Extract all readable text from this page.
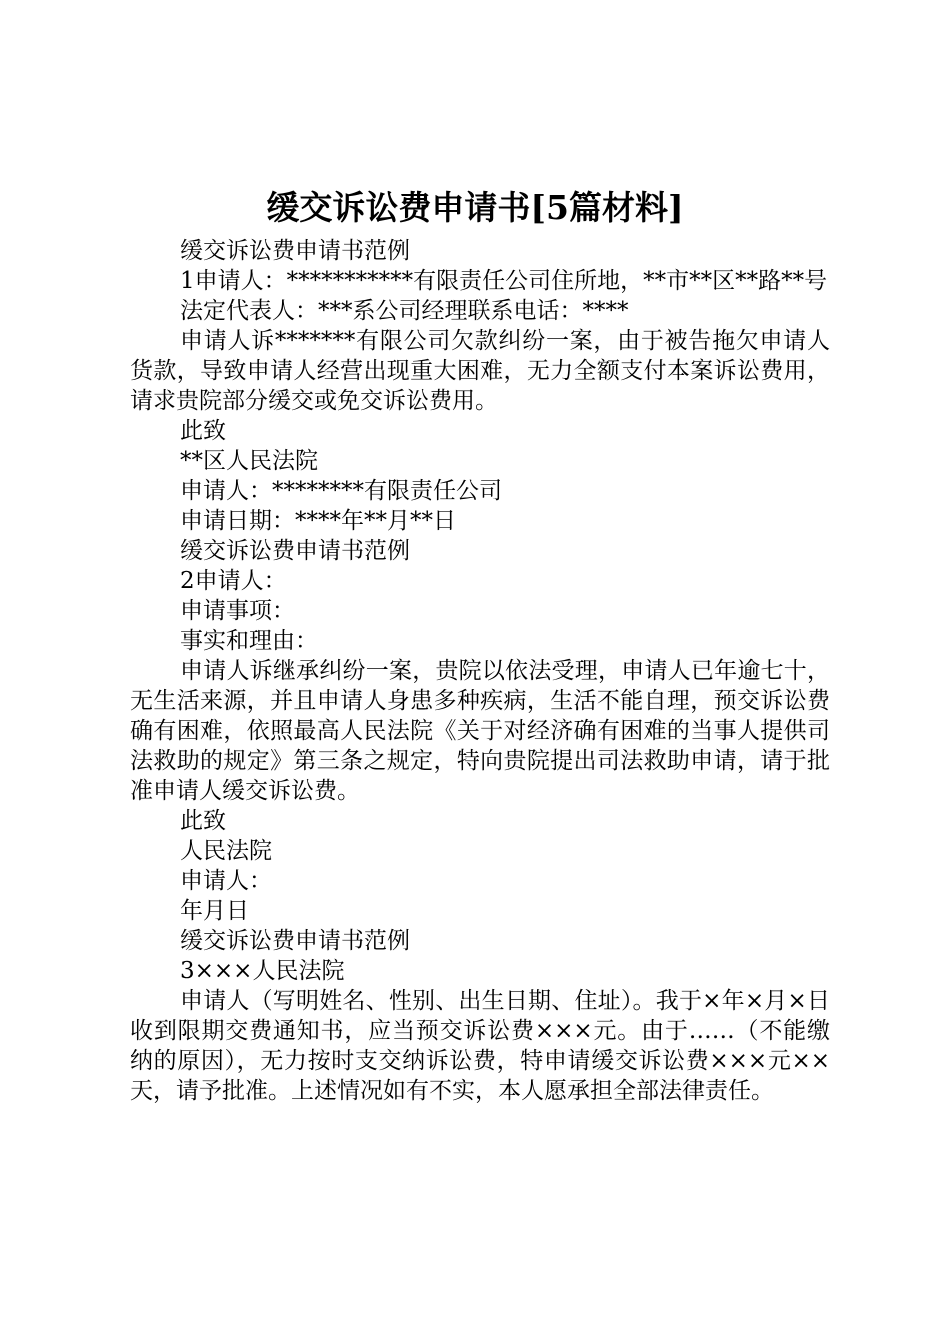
缓交诉讼费申请书[5篇材料]

缓交诉讼费申请书范例

1申请人：***********有限责任公司住所地，**市**区**路**号

法定代表人：***系公司经理联系电话：****

申请人诉*******有限公司欠款纠纷一案，由于被告拖欠申请人货款，导致申请人经营出现重大困难，无力全额支付本案诉讼费用，请求贵院部分缓交或免交诉讼费用。

此致

**区人民法院

申请人：********有限责任公司

申请日期：****年**月**日

缓交诉讼费申请书范例

2申请人：

申请事项：

事实和理由：

申请人诉继承纠纷一案，贵院以依法受理，申请人已年逾七十，无生活来源，并且申请人身患多种疾病，生活不能自理，预交诉讼费确有困难，依照最高人民法院《关于对经济确有困难的当事人提供司法救助的规定》第三条之规定，特向贵院提出司法救助申请，请于批准申请人缓交诉讼费。

此致

人民法院

申请人：

年月日

缓交诉讼费申请书范例

3×××人民法院

申请人（写明姓名、性别、出生日期、住址）。我于×年×月×日收到限期交费通知书，应当预交诉讼费×××元。由于……（不能缴纳的原因），无力按时支交纳诉讼费，特申请缓交诉讼费×××元××天，请予批准。上述情况如有不实，本人愿承担全部法律责任。
